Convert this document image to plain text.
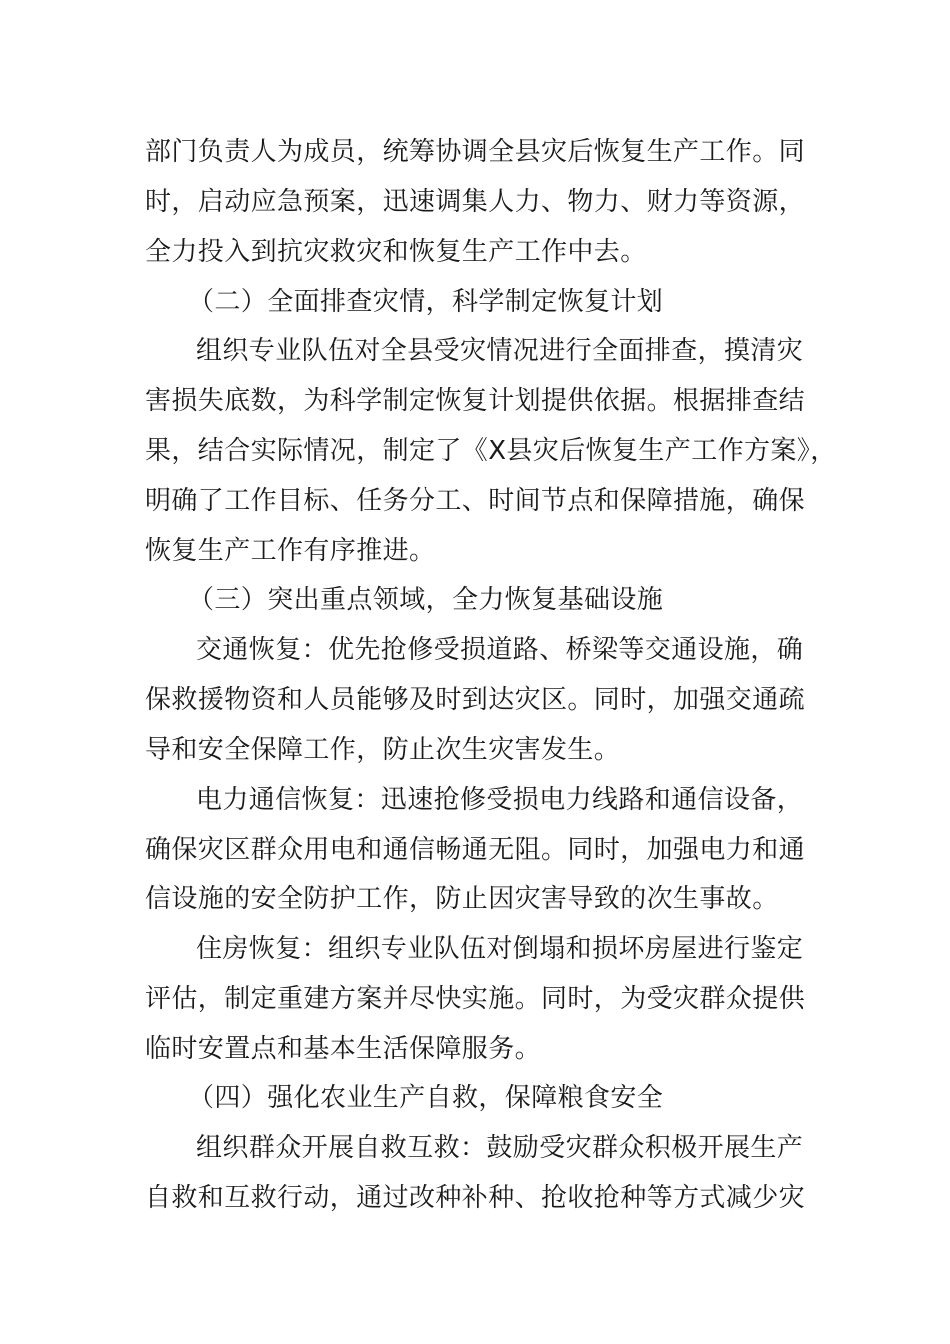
部门负责人为成员，统筹协调全县灾后恢复生产工作。同
时，启动应急预案，迅速调集人力、物力、财力等资源，
全力投入到抗灾救灾和恢复生产工作中去。
（二）全面排查灾情，科学制定恢复计划
组织专业队伍对全县受灾情况进行全面排查，摸清灾
害损失底数，为科学制定恢复计划提供依据。根据排查结
果，结合实际情况，制定了《X县灾后恢复生产工作方案》，
明确了工作目标、任务分工、时间节点和保障措施，确保
恢复生产工作有序推进。
（三）突出重点领域，全力恢复基础设施
交通恢复：优先抢修受损道路、桥梁等交通设施，确
保救援物资和人员能够及时到达灾区。同时，加强交通疏
导和安全保障工作，防止次生灾害发生。
电力通信恢复：迅速抢修受损电力线路和通信设备，
确保灾区群众用电和通信畅通无阻。同时，加强电力和通
信设施的安全防护工作，防止因灾害导致的次生事故。
住房恢复：组织专业队伍对倒塌和损坏房屋进行鉴定
评估，制定重建方案并尽快实施。同时，为受灾群众提供
临时安置点和基本生活保障服务。
（四）强化农业生产自救，保障粮食安全
组织群众开展自救互救：鼓励受灾群众积极开展生产
自救和互救行动，通过改种补种、抢收抢种等方式减少灾
